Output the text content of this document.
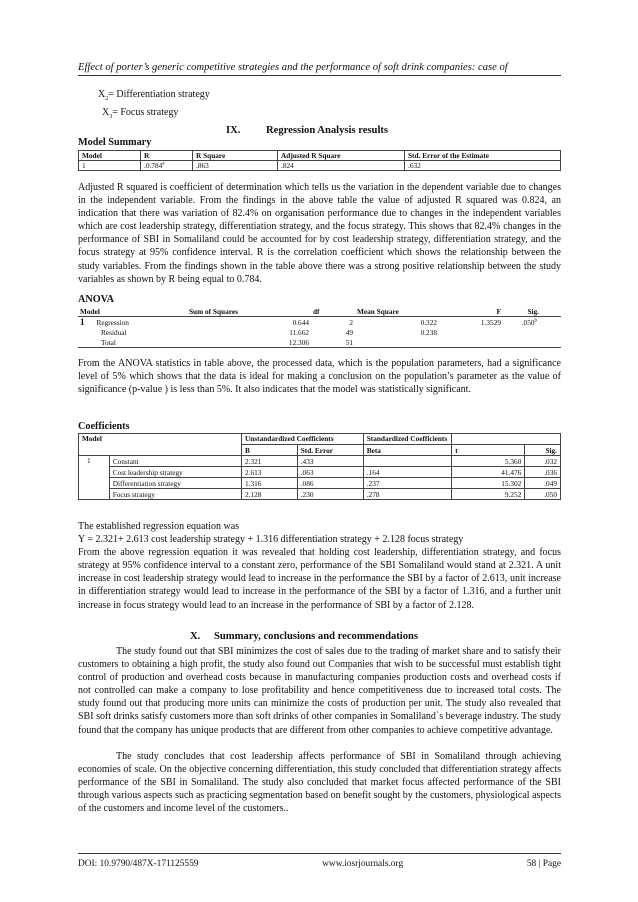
Effect of porter’s generic competitive strategies and the performance of soft drink companies: case of
$X_2=$ Differentiation strategy
$X_3=$ Focus strategy
IX. Regression Analysis results
Model Summary
Model	R	R Square	Adjusted R Square	Std. Error of the Estimate
1	.0.784$^a$	.863	.824	.632

Adjusted R squared is coefficient of determination which tells us the variation in the dependent variable due to changes in the independent variable. From the findings in the above table the value of adjusted R squared was 0.824, an indication that there was variation of 82.4% on organisation performance due to changes in the independent variables which are cost leadership strategy, differentiation strategy, and the focus strategy. This shows that 82.4% changes in the performance of SBI in Somaliland could be accounted for by cost leadership strategy, differentiation strategy, and the focus strategy at 95% confidence interval. R is the correlation coefficient which shows the relationship between the study variables. From the findings shown in the table above there was a strong positive relationship between the study variables as shown by R being equal to 0.784.

ANOVA
Model	Sum of Squares	df	Mean Square	F	Sig.
1 Regression	0.644	2	0.322	1.3529	.050$^b$
Residual	11.662	49	0.238		
Total	12.306	51			

From the ANOVA statistics in table above, the processed data, which is the population parameters, had a significance level of 5% which shows that the data is ideal for making a conclusion on the population’s parameter as the value of significance (p-value ) is less than 5%. It also indicates that the model was statistically significant.

Coefficients
Model		Unstandardized Coefficients		Standardized Coefficients		
		B	Std. Error	Beta	t	Sig.
1	Constant	2.321	.433		5.360	.032
	Cost leadership strategy	2.613	.063	.164	41.476	.036
	Differentiation strategy	1.316	.086	.237	15.302	.049
	Focus strategy	2.128	.230	.278	9.252	.050

The established regression equation was

Y = 2.321+ 2.613 cost leadership strategy + 1.316 differentiation strategy + 2.128 focus strategy

From the above regression equation it was revealed that holding cost leadership, differentiation strategy, and focus strategy at 95% confidence interval to a constant zero, performance of the SBI Somaliland would stand at 2.321. A unit increase in cost leadership strategy would lead to increase in the performance the SBI by a factor of 2.613, unit increase in differentiation strategy would lead to increase in the performance of the SBI by a factor of 1.316, and a further unit increase in focus strategy would lead to an increase in the performance of SBI by a factor of 2.128.

X. Summary, conclusions and recommendations

The study found out that SBI minimizes the cost of sales due to the trading of market share and to satisfy their customers to obtaining a high profit, the study also found out Companies that wish to be successful must establish tight control of production and overhead costs because in manufacturing companies production costs and overhead costs if not controlled can make a company to lose profitability and hence competitiveness due to increased total costs. The study found out that producing more units can minimize the costs of production per unit. The study also revealed that SBI soft drinks satisfy customers more than soft drinks of other companies in Somaliland`s beverage industry. The study found that the company has unique products that are different from other companies to achieve competitive advantage.

The study concludes that cost leadership affects performance of SBI in Somaliland through achieving economies of scale. On the objective concerning differentiation, this study concluded that differentiation strategy affects performance of the SBI in Somaliland. The study also concluded that market focus affected performance of the SBI through various aspects such as practicing segmentation based on benefit sought by the customers, physiological aspects of the customers and income level of the customers..

DOI: 10.9790/487X-171125559	www.iosrjournals.org	58 | Page
